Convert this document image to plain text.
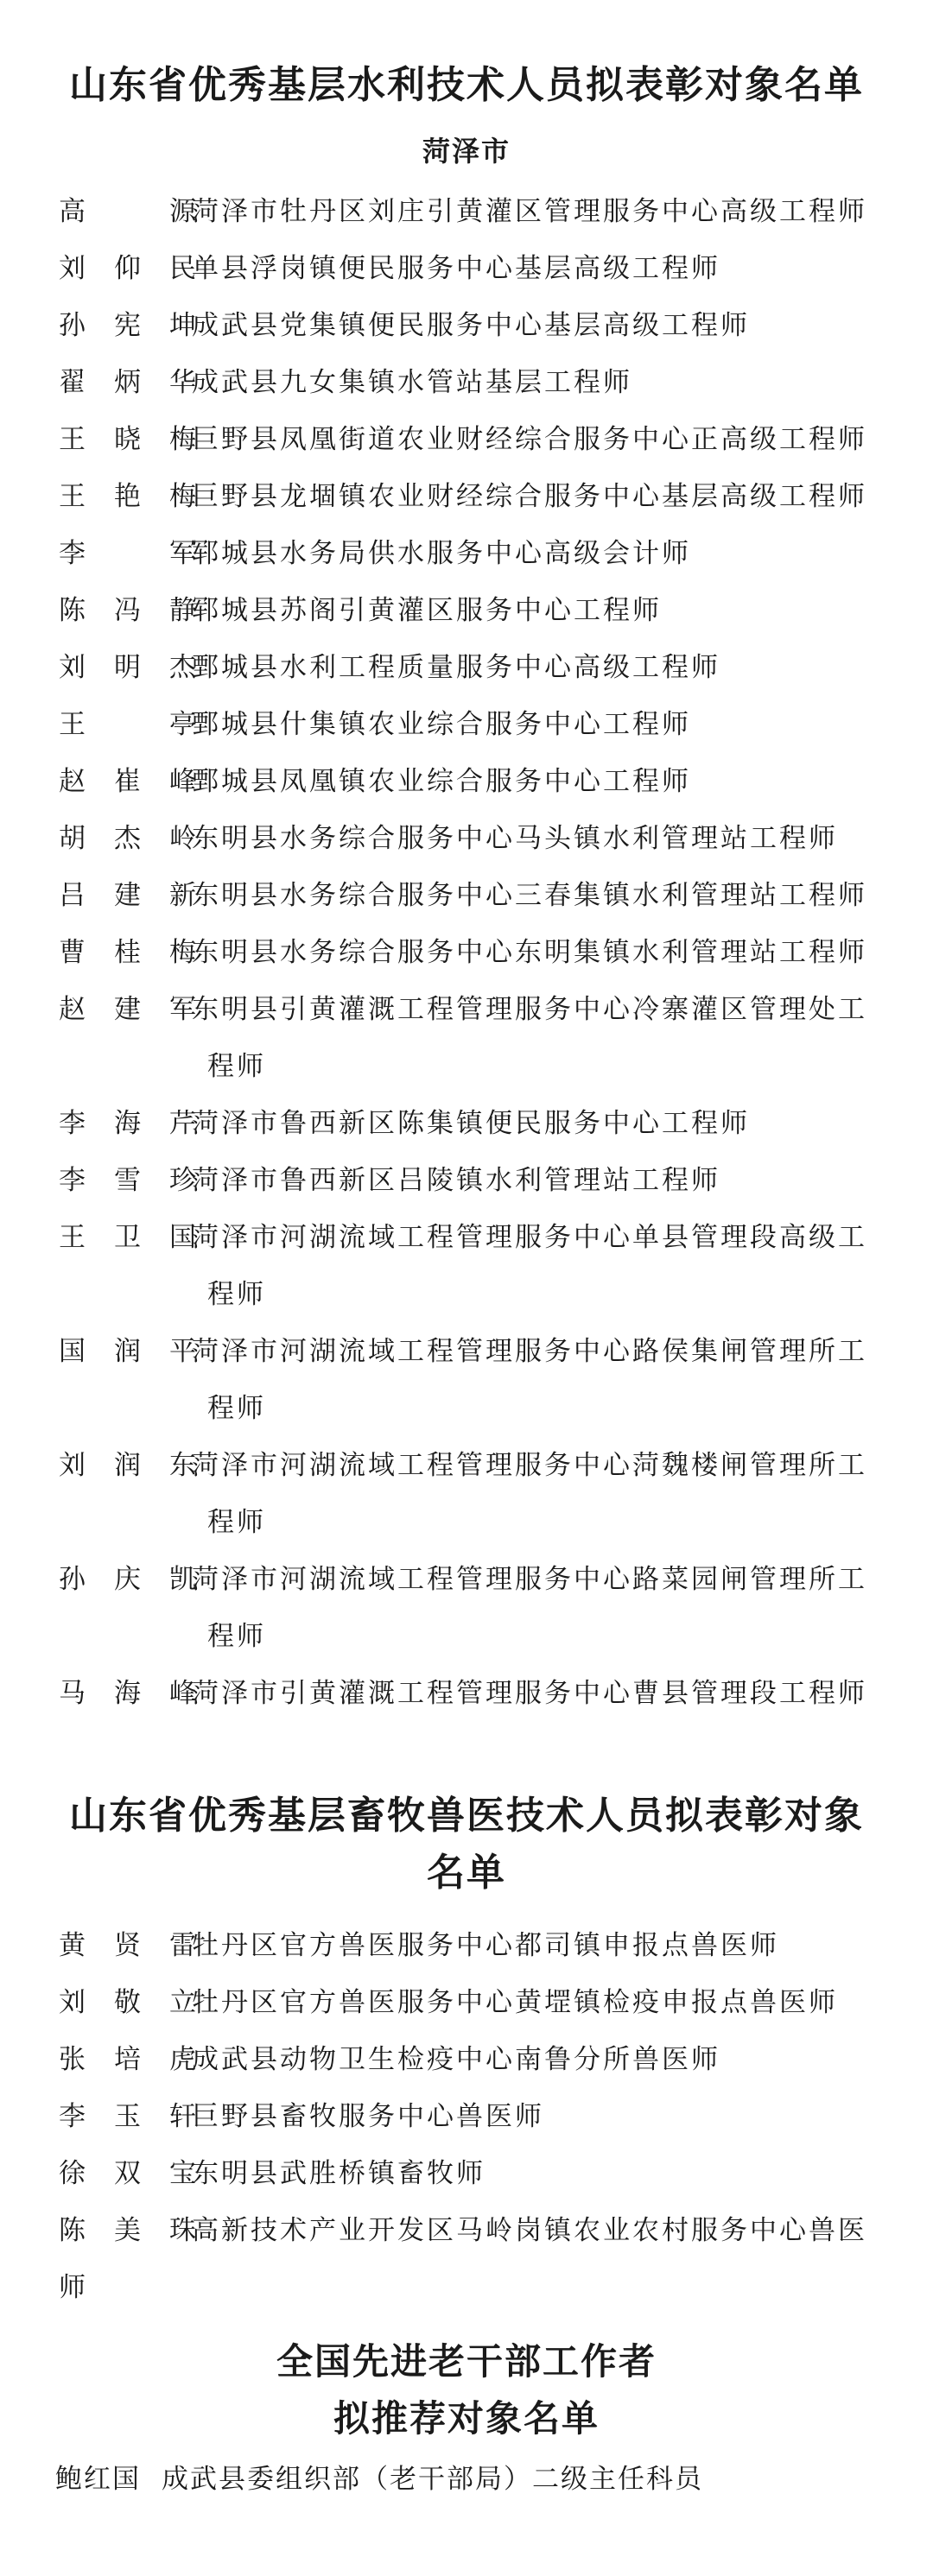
山东省优秀基层水利技术人员拟表彰对象名单
菏泽市
高　源
菏泽市牡丹区刘庄引黄灌区管理服务中心高级工程师
刘仰民
单县浮岗镇便民服务中心基层高级工程师
孙宪坤
成武县党集镇便民服务中心基层高级工程师
翟炳华
成武县九女集镇水管站基层工程师
王晓梅
巨野县凤凰街道农业财经综合服务中心正高级工程师
王艳梅
巨野县龙堌镇农业财经综合服务中心基层高级工程师
李　军
郓城县水务局供水服务中心高级会计师
陈冯静
郓城县苏阁引黄灌区服务中心工程师
刘明杰
鄄城县水利工程质量服务中心高级工程师
王　亭
鄄城县什集镇农业综合服务中心工程师
赵崔峰
鄄城县凤凰镇农业综合服务中心工程师
胡杰岭
东明县水务综合服务中心马头镇水利管理站工程师
吕建新
东明县水务综合服务中心三春集镇水利管理站工程师
曹桂梅
东明县水务综合服务中心东明集镇水利管理站工程师
赵建军
东明县引黄灌溉工程管理服务中心冷寨灌区管理处工
程师
李海芹
菏泽市鲁西新区陈集镇便民服务中心工程师
李雪珍
菏泽市鲁西新区吕陵镇水利管理站工程师
王卫国
菏泽市河湖流域工程管理服务中心单县管理段高级工
程师
国润平
菏泽市河湖流域工程管理服务中心路侯集闸管理所工
程师
刘润东
菏泽市河湖流域工程管理服务中心菏魏楼闸管理所工
程师
孙庆凯
菏泽市河湖流域工程管理服务中心路菜园闸管理所工
程师
马海峰
菏泽市引黄灌溉工程管理服务中心曹县管理段工程师
山东省优秀基层畜牧兽医技术人员拟表彰对象
名单
黄贤雷
牡丹区官方兽医服务中心都司镇申报点兽医师
刘敬立
牡丹区官方兽医服务中心黄堽镇检疫申报点兽医师
张培虎
成武县动物卫生检疫中心南鲁分所兽医师
李玉轩
巨野县畜牧服务中心兽医师
徐双宝
东明县武胜桥镇畜牧师
陈美珠
高新技术产业开发区马岭岗镇农业农村服务中心兽医
师
全国先进老干部工作者
拟推荐对象名单
鲍红国 成武县委组织部（老干部局）二级主任科员
